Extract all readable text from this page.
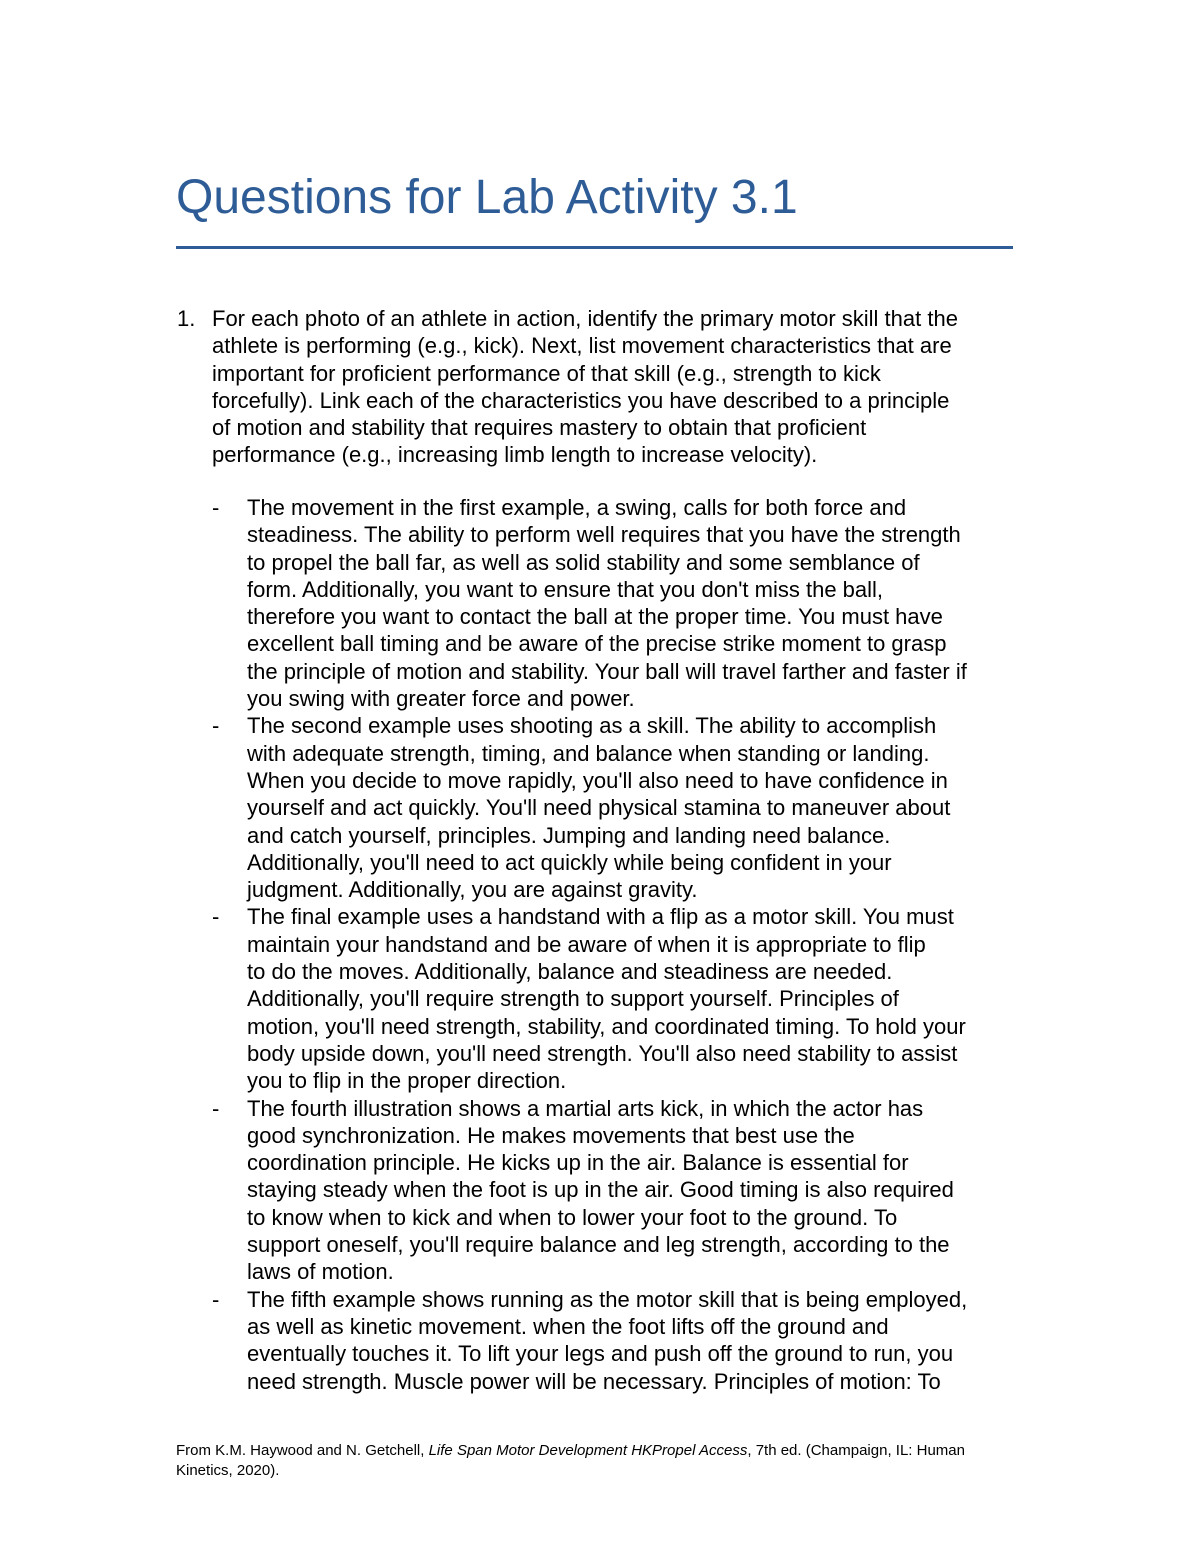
Questions for Lab Activity 3.1
1. For each photo of an athlete in action, identify the primary motor skill that the
athlete is performing (e.g., kick). Next, list movement characteristics that are
important for proficient performance of that skill (e.g., strength to kick
forcefully). Link each of the characteristics you have described to a principle
of motion and stability that requires mastery to obtain that proficient
performance (e.g., increasing limb length to increase velocity).

- The movement in the first example, a swing, calls for both force and
steadiness. The ability to perform well requires that you have the strength
to propel the ball far, as well as solid stability and some semblance of
form. Additionally, you want to ensure that you don't miss the ball,
therefore you want to contact the ball at the proper time. You must have
excellent ball timing and be aware of the precise strike moment to grasp
the principle of motion and stability. Your ball will travel farther and faster if
you swing with greater force and power.
- The second example uses shooting as a skill. The ability to accomplish
with adequate strength, timing, and balance when standing or landing.
When you decide to move rapidly, you'll also need to have confidence in
yourself and act quickly. You'll need physical stamina to maneuver about
and catch yourself, principles. Jumping and landing need balance.
Additionally, you'll need to act quickly while being confident in your
judgment. Additionally, you are against gravity.
- The final example uses a handstand with a flip as a motor skill. You must
maintain your handstand and be aware of when it is appropriate to flip
to do the moves. Additionally, balance and steadiness are needed.
Additionally, you'll require strength to support yourself. Principles of
motion, you'll need strength, stability, and coordinated timing. To hold your
body upside down, you'll need strength. You'll also need stability to assist
you to flip in the proper direction.
- The fourth illustration shows a martial arts kick, in which the actor has
good synchronization. He makes movements that best use the
coordination principle. He kicks up in the air. Balance is essential for
staying steady when the foot is up in the air. Good timing is also required
to know when to kick and when to lower your foot to the ground. To
support oneself, you'll require balance and leg strength, according to the
laws of motion.
- The fifth example shows running as the motor skill that is being employed,
as well as kinetic movement. when the foot lifts off the ground and
eventually touches it. To lift your legs and push off the ground to run, you
need strength. Muscle power will be necessary. Principles of motion: To

From K.M. Haywood and N. Getchell, Life Span Motor Development HKPropel Access, 7th ed. (Champaign, IL: Human
Kinetics, 2020).
